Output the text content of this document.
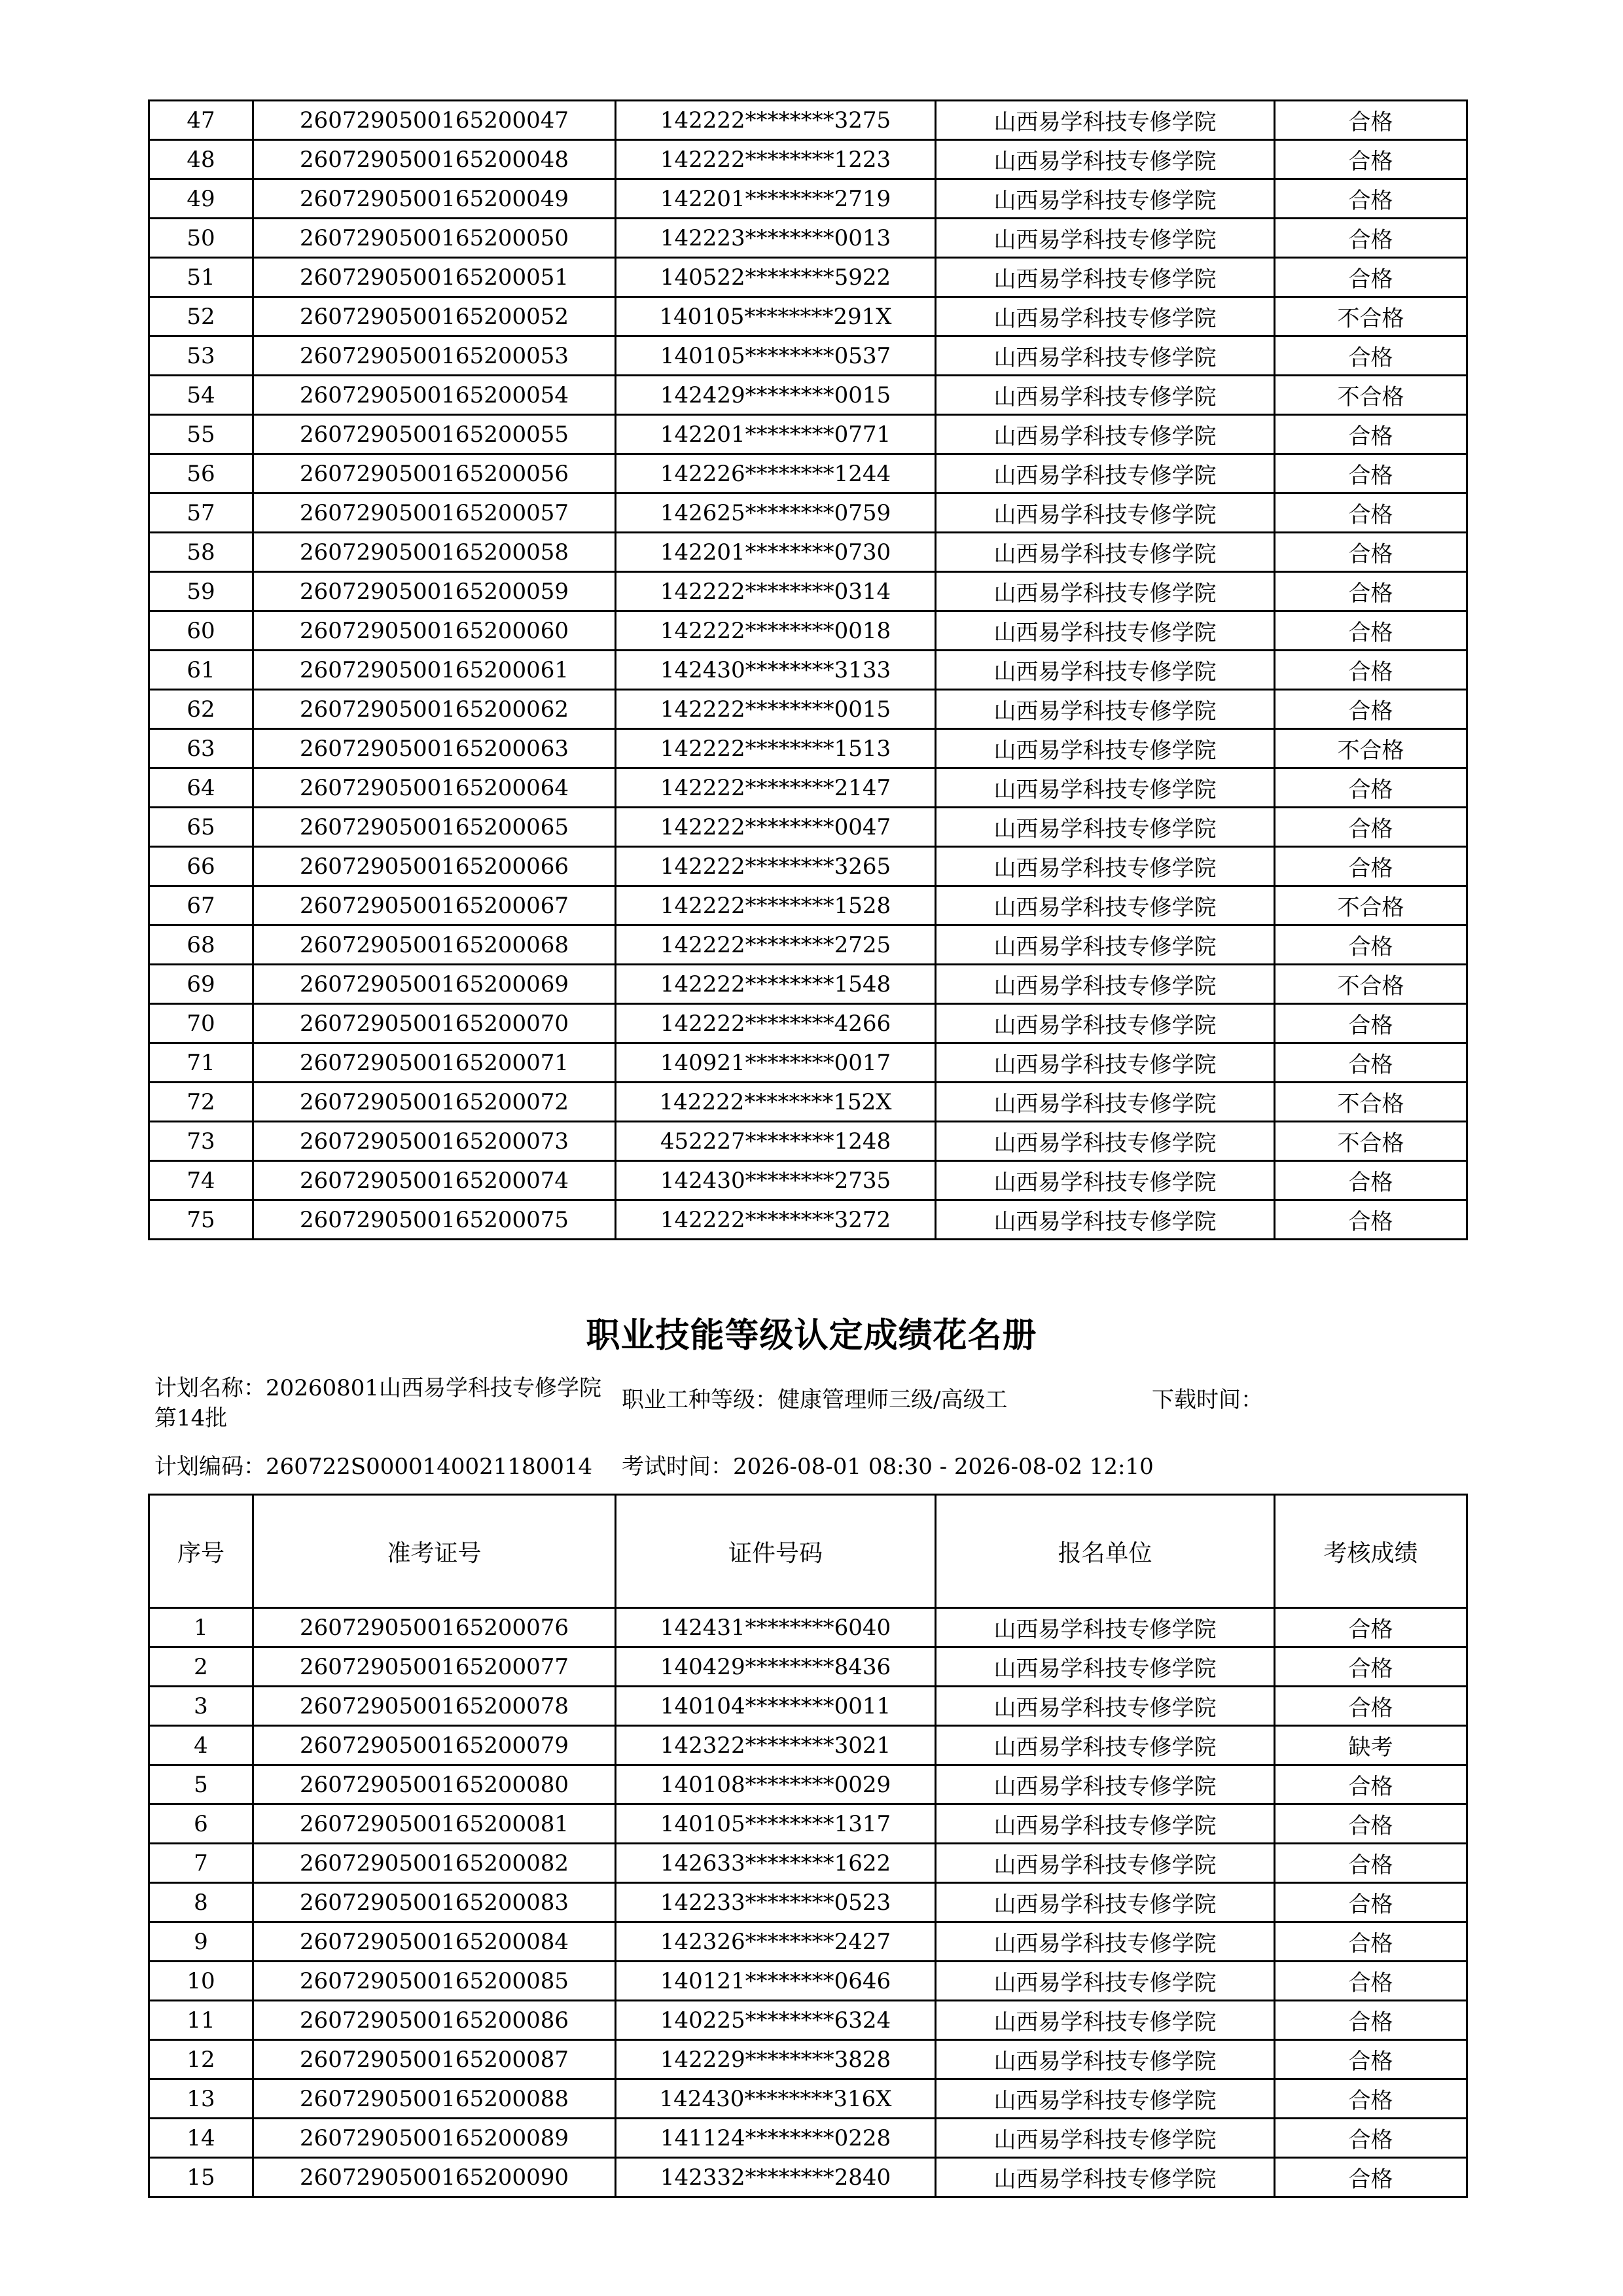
47	2607290500165200047	142222********3275	山西易学科技专修学院	合格
48	2607290500165200048	142222********1223	山西易学科技专修学院	合格
49	2607290500165200049	142201********2719	山西易学科技专修学院	合格
50	2607290500165200050	142223********0013	山西易学科技专修学院	合格
51	2607290500165200051	140522********5922	山西易学科技专修学院	合格
52	2607290500165200052	140105********291X	山西易学科技专修学院	不合格
53	2607290500165200053	140105********0537	山西易学科技专修学院	合格
54	2607290500165200054	142429********0015	山西易学科技专修学院	不合格
55	2607290500165200055	142201********0771	山西易学科技专修学院	合格
56	2607290500165200056	142226********1244	山西易学科技专修学院	合格
57	2607290500165200057	142625********0759	山西易学科技专修学院	合格
58	2607290500165200058	142201********0730	山西易学科技专修学院	合格
59	2607290500165200059	142222********0314	山西易学科技专修学院	合格
60	2607290500165200060	142222********0018	山西易学科技专修学院	合格
61	2607290500165200061	142430********3133	山西易学科技专修学院	合格
62	2607290500165200062	142222********0015	山西易学科技专修学院	合格
63	2607290500165200063	142222********1513	山西易学科技专修学院	不合格
64	2607290500165200064	142222********2147	山西易学科技专修学院	合格
65	2607290500165200065	142222********0047	山西易学科技专修学院	合格
66	2607290500165200066	142222********3265	山西易学科技专修学院	合格
67	2607290500165200067	142222********1528	山西易学科技专修学院	不合格
68	2607290500165200068	142222********2725	山西易学科技专修学院	合格
69	2607290500165200069	142222********1548	山西易学科技专修学院	不合格
70	2607290500165200070	142222********4266	山西易学科技专修学院	合格
71	2607290500165200071	140921********0017	山西易学科技专修学院	合格
72	2607290500165200072	142222********152X	山西易学科技专修学院	不合格
73	2607290500165200073	452227********1248	山西易学科技专修学院	不合格
74	2607290500165200074	142430********2735	山西易学科技专修学院	合格
75	2607290500165200075	142222********3272	山西易学科技专修学院	合格
职业技能等级认定成绩花名册
计划名称：20260801山西易学科技专修学院第14批
职业工种等级：健康管理师三级/高级工	下载时间：
计划编码：260722S0000140021180014 考试时间：2026-08-01 08:30 - 2026-08-02 12:10
序号	准考证号	证件号码	报名单位	考核成绩
1	2607290500165200076	142431********6040	山西易学科技专修学院	合格
2	2607290500165200077	140429********8436	山西易学科技专修学院	合格
3	2607290500165200078	140104********0011	山西易学科技专修学院	合格
4	2607290500165200079	142322********3021	山西易学科技专修学院	缺考
5	2607290500165200080	140108********0029	山西易学科技专修学院	合格
6	2607290500165200081	140105********1317	山西易学科技专修学院	合格
7	2607290500165200082	142633********1622	山西易学科技专修学院	合格
8	2607290500165200083	142233********0523	山西易学科技专修学院	合格
9	2607290500165200084	142326********2427	山西易学科技专修学院	合格
10	2607290500165200085	140121********0646	山西易学科技专修学院	合格
11	2607290500165200086	140225********6324	山西易学科技专修学院	合格
12	2607290500165200087	142229********3828	山西易学科技专修学院	合格
13	2607290500165200088	142430********316X	山西易学科技专修学院	合格
14	2607290500165200089	141124********0228	山西易学科技专修学院	合格
15	2607290500165200090	142332********2840	山西易学科技专修学院	合格
